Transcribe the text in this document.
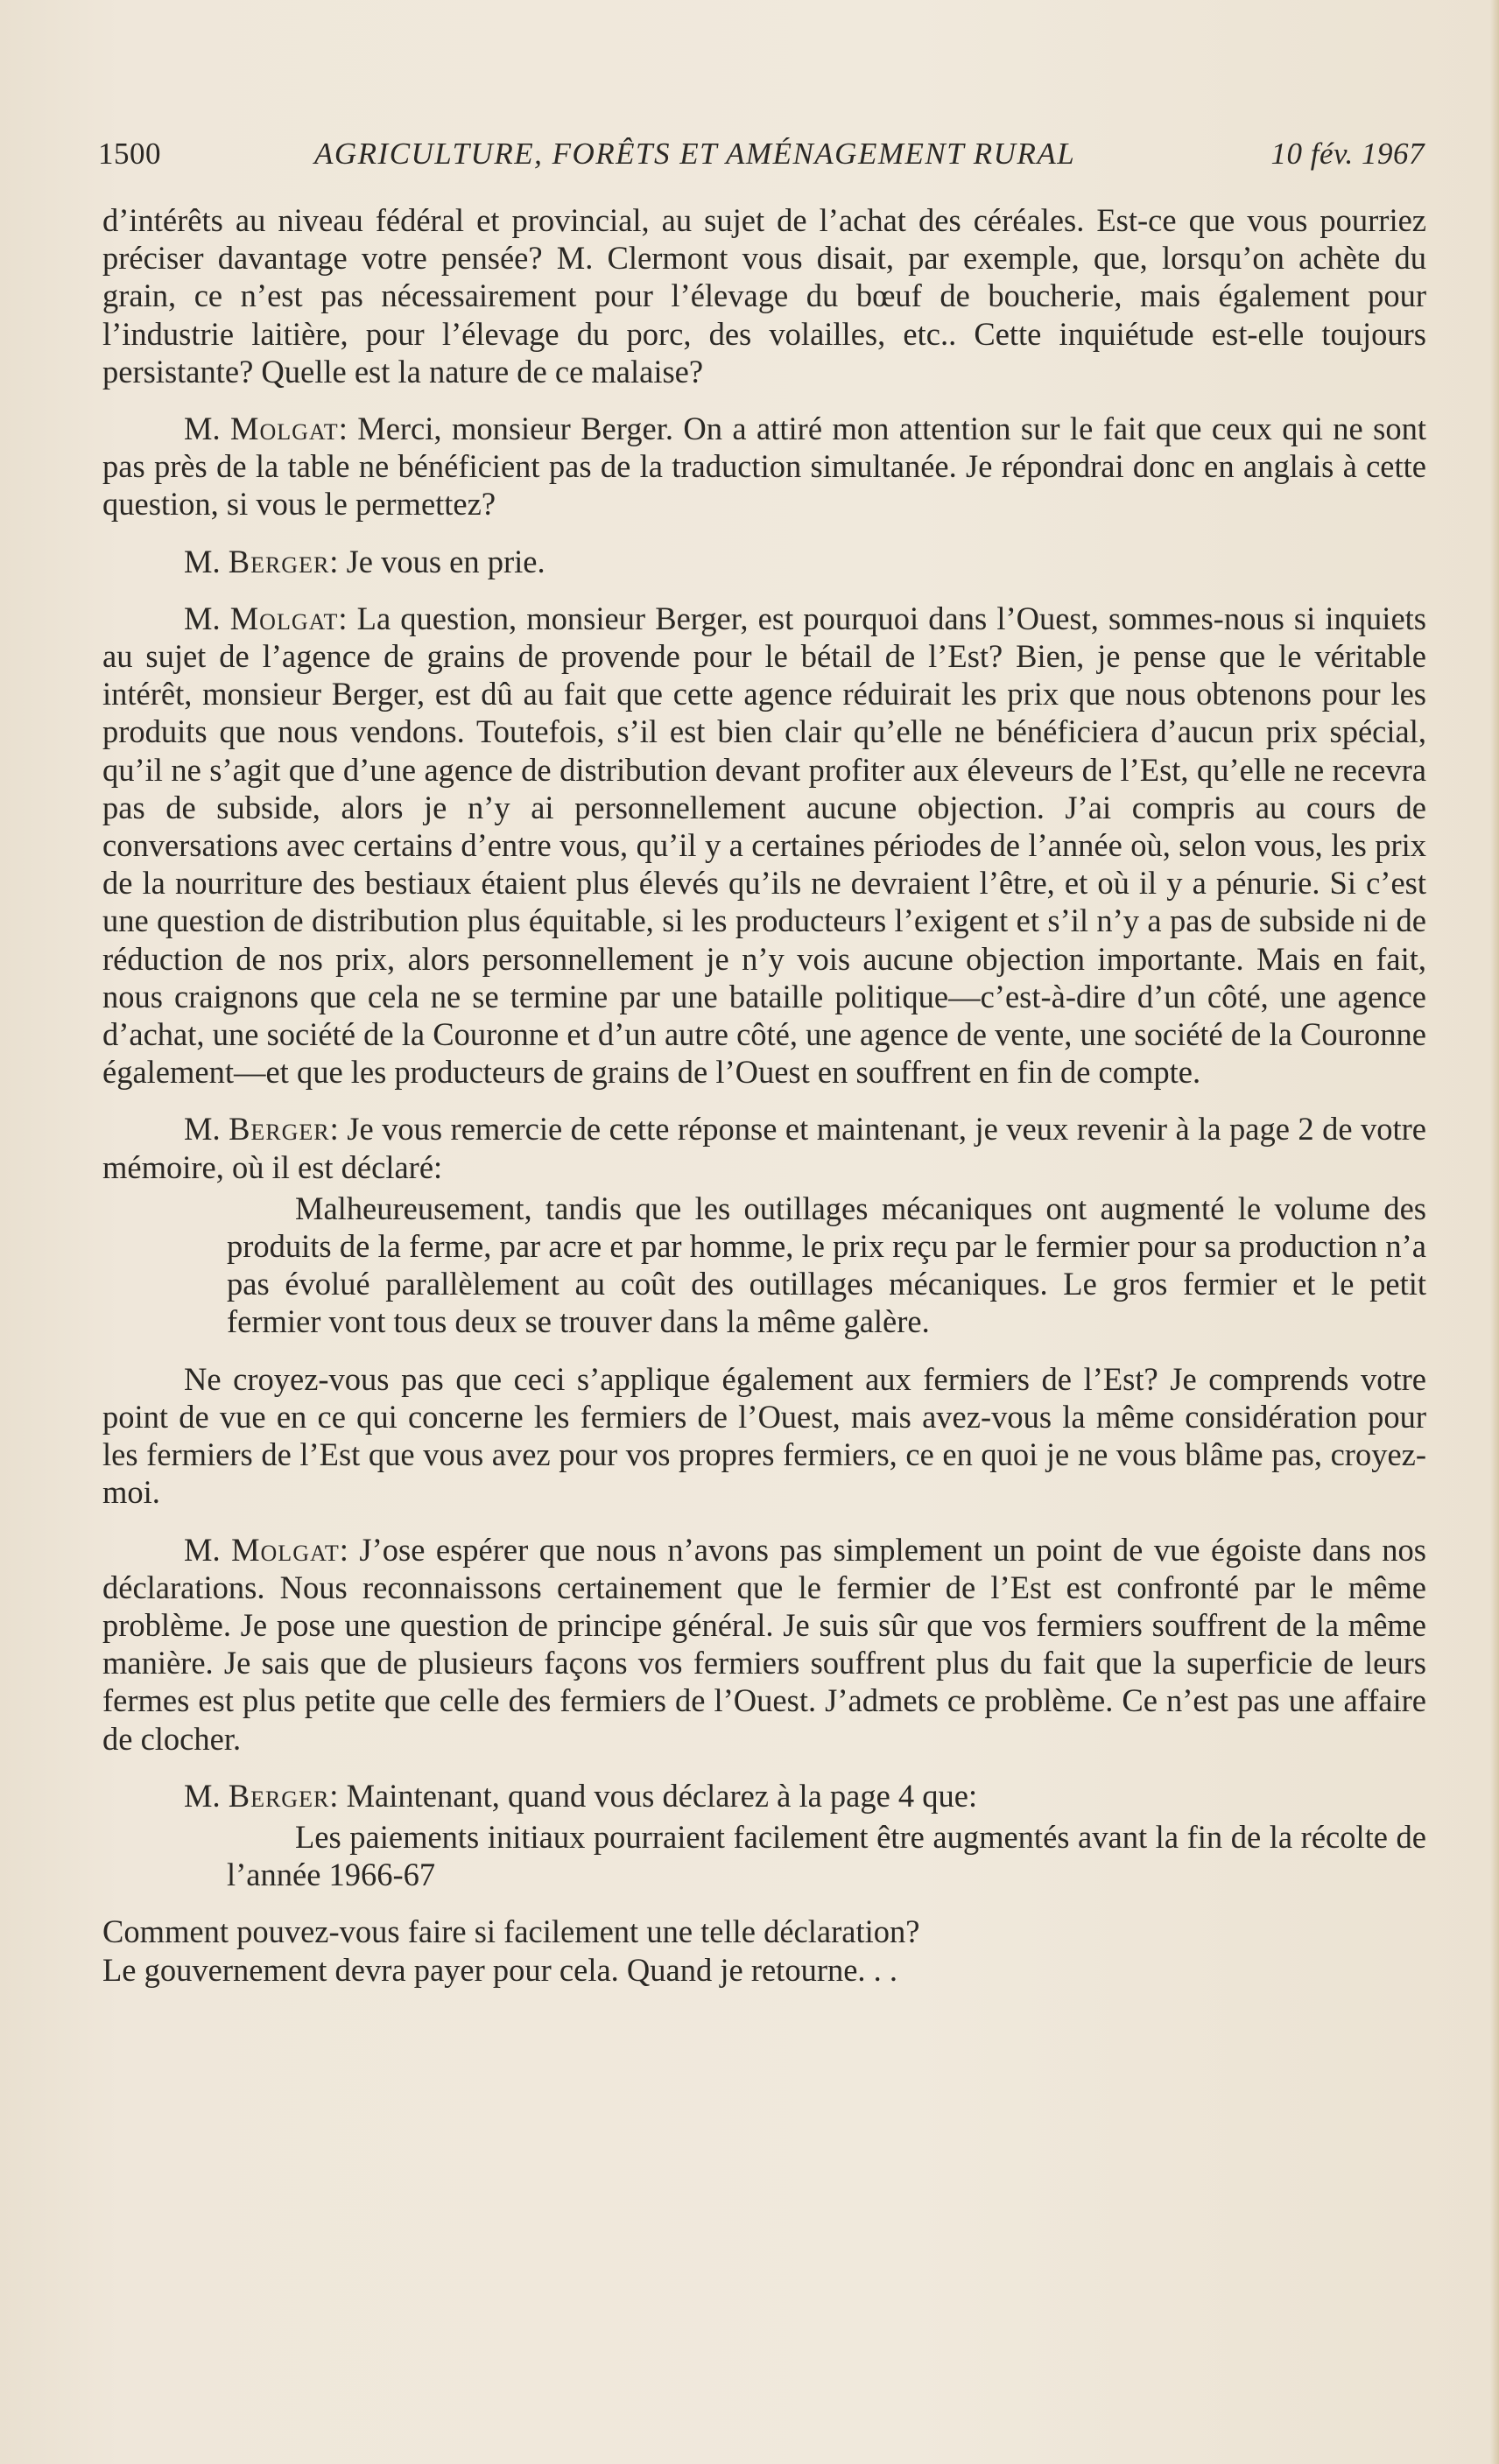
1500	AGRICULTURE, FORÊTS ET AMÉNAGEMENT RURAL	10 fév. 1967

d’intérêts au niveau fédéral et provincial, au sujet de l’achat des céréales. Est-ce que vous pourriez préciser davantage votre pensée? M. Clermont vous disait, par exemple, que, lorsqu’on achète du grain, ce n’est pas nécessairement pour l’élevage du bœuf de boucherie, mais également pour l’industrie laitière, pour l’élevage du porc, des volailles, etc.. Cette inquiétude est-elle toujours persistante? Quelle est la nature de ce malaise?

M. Molgat: Merci, monsieur Berger. On a attiré mon attention sur le fait que ceux qui ne sont pas près de la table ne bénéficient pas de la traduction simultanée. Je répondrai donc en anglais à cette question, si vous le permettez?

M. Berger: Je vous en prie.

M. Molgat: La question, monsieur Berger, est pourquoi dans l’Ouest, sommes-nous si inquiets au sujet de l’agence de grains de provende pour le bétail de l’Est? Bien, je pense que le véritable intérêt, monsieur Berger, est dû au fait que cette agence réduirait les prix que nous obtenons pour les produits que nous vendons. Toutefois, s’il est bien clair qu’elle ne bénéficiera d’aucun prix spécial, qu’il ne s’agit que d’une agence de distribution devant profiter aux éleveurs de l’Est, qu’elle ne recevra pas de subside, alors je n’y ai personnellement aucune objection. J’ai compris au cours de conversations avec certains d’entre vous, qu’il y a certaines périodes de l’année où, selon vous, les prix de la nourriture des bestiaux étaient plus élevés qu’ils ne devraient l’être, et où il y a pénurie. Si c’est une question de distribution plus équitable, si les producteurs l’exigent et s’il n’y a pas de subside ni de réduction de nos prix, alors personnellement je n’y vois aucune objection importante. Mais en fait, nous craignons que cela ne se termine par une bataille politique—c’est-à-dire d’un côté, une agence d’achat, une société de la Couronne et d’un autre côté, une agence de vente, une société de la Couronne également—et que les producteurs de grains de l’Ouest en souffrent en fin de compte.

M. Berger: Je vous remercie de cette réponse et maintenant, je veux revenir à la page 2 de votre mémoire, où il est déclaré:

Malheureusement, tandis que les outillages mécaniques ont augmenté le volume des produits de la ferme, par acre et par homme, le prix reçu par le fermier pour sa production n’a pas évolué parallèlement au coût des outillages mécaniques. Le gros fermier et le petit fermier vont tous deux se trouver dans la même galère.

Ne croyez-vous pas que ceci s’applique également aux fermiers de l’Est? Je comprends votre point de vue en ce qui concerne les fermiers de l’Ouest, mais avez-vous la même considération pour les fermiers de l’Est que vous avez pour vos propres fermiers, ce en quoi je ne vous blâme pas, croyez-moi.

M. Molgat: J’ose espérer que nous n’avons pas simplement un point de vue égoiste dans nos déclarations. Nous reconnaissons certainement que le fermier de l’Est est confronté par le même problème. Je pose une question de principe général. Je suis sûr que vos fermiers souffrent de la même manière. Je sais que de plusieurs façons vos fermiers souffrent plus du fait que la superficie de leurs fermes est plus petite que celle des fermiers de l’Ouest. J’admets ce problème. Ce n’est pas une affaire de clocher.

M. Berger: Maintenant, quand vous déclarez à la page 4 que:

Les paiements initiaux pourraient facilement être augmentés avant la fin de la récolte de l’année 1966-67

Comment pouvez-vous faire si facilement une telle déclaration?
Le gouvernement devra payer pour cela. Quand je retourne. . .
